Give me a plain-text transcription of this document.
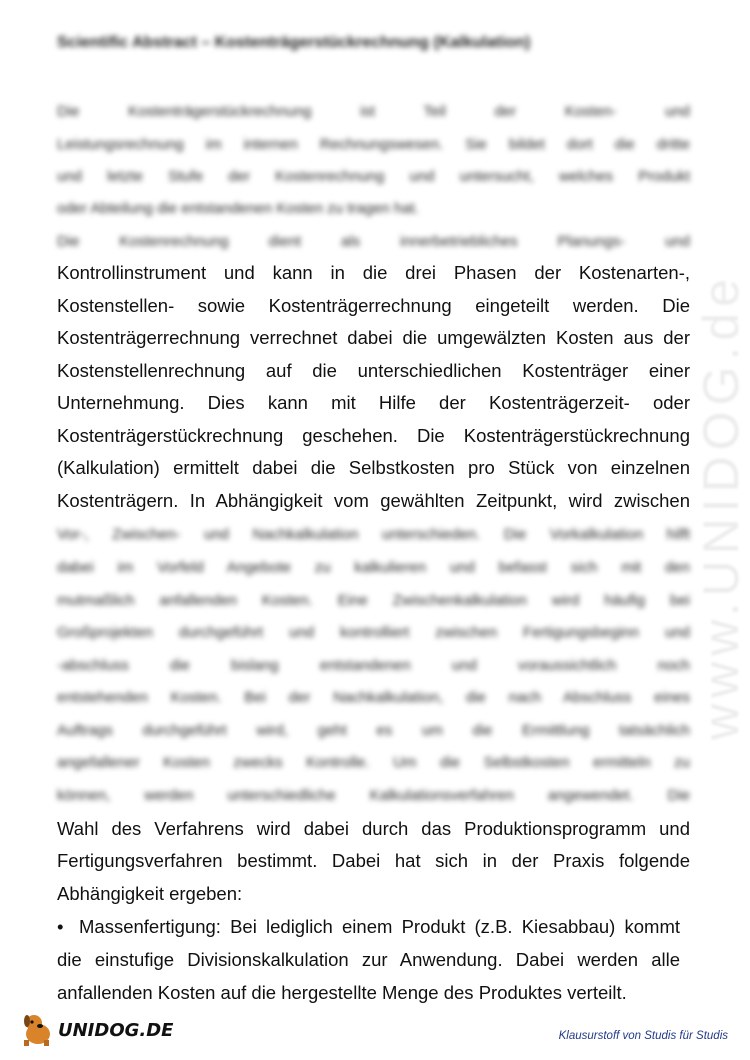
Scientific Abstract – Kostenträgerstückrechnung (Kalkulation)
Die Kostenträgerstückrechnung ist Teil der Kosten- und
Leistungsrechnung im internen Rechnungswesen. Sie bildet dort die dritte
und letzte Stufe der Kostenrechnung und untersucht, welches Produkt
oder Abteilung die entstandenen Kosten zu tragen hat.
Die Kostenrechnung dient als innerbetriebliches Planungs- und
Kontrollinstrument und kann in die drei Phasen der Kostenarten-,
Kostenstellen- sowie Kostenträgerrechnung eingeteilt werden. Die
Kostenträgerrechnung verrechnet dabei die umgewälzten Kosten aus der
Kostenstellenrechnung auf die unterschiedlichen Kostenträger einer
Unternehmung. Dies kann mit Hilfe der Kostenträgerzeit- oder
Kostenträgerstückrechnung geschehen. Die Kostenträgerstückrechnung
(Kalkulation) ermittelt dabei die Selbstkosten pro Stück von einzelnen
Kostenträgern. In Abhängigkeit vom gewählten Zeitpunkt, wird zwischen
Vor-, Zwischen- und Nachkalkulation unterschieden. Die Vorkalkulation hilft
dabei im Vorfeld Angebote zu kalkulieren und befasst sich mit den
mutmaßlich anfallenden Kosten. Eine Zwischenkalkulation wird häufig bei
Großprojekten durchgeführt und kontrolliert zwischen Fertigungsbeginn und
-abschluss die bislang entstandenen und voraussichtlich noch
entstehenden Kosten. Bei der Nachkalkulation, die nach Abschluss eines
Auftrags durchgeführt wird, geht es um die Ermittlung tatsächlich
angefallener Kosten zwecks Kontrolle. Um die Selbstkosten ermitteln zu
können, werden unterschiedliche Kalkulationsverfahren angewendet. Die
Wahl des Verfahrens wird dabei durch das Produktionsprogramm und
Fertigungsverfahren bestimmt. Dabei hat sich in der Praxis folgende
Abhängigkeit ergeben:
• Massenfertigung: Bei lediglich einem Produkt (z.B. Kiesabbau) kommt
die einstufige Divisionskalkulation zur Anwendung. Dabei werden alle
anfallenden Kosten auf die hergestellte Menge des Produktes verteilt.
www.UNIDOG.de
UNIDOG.DE	Klausurstoff von Studis für Studis
